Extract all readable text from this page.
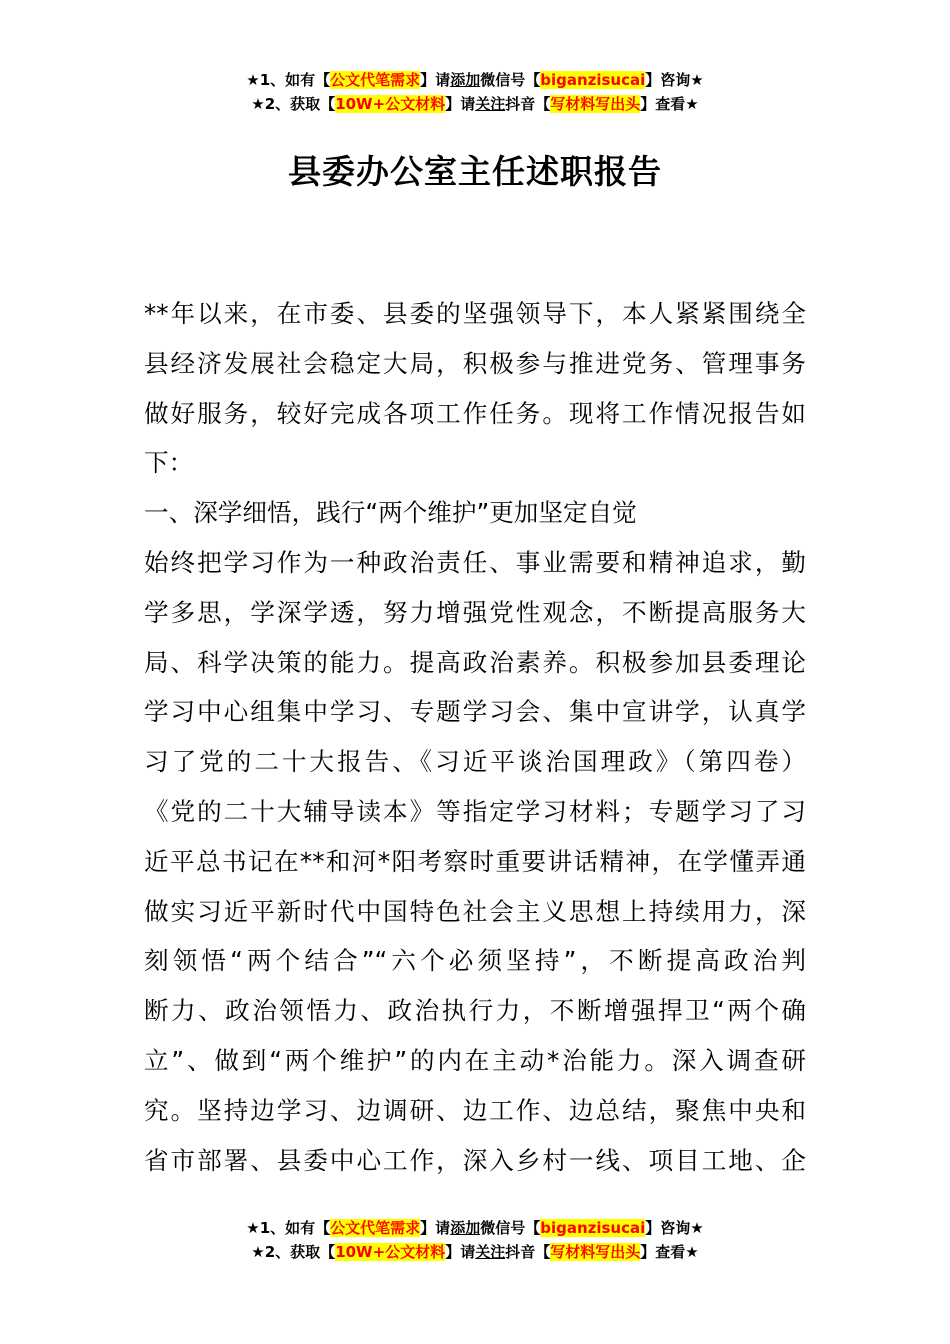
★1、如有【公文代笔需求】请添加微信号【biganzisucai】咨询★
★2、获取【10W+公文材料】请关注抖音【写材料写出头】查看★
县委办公室主任述职报告
**年以来，在市委、县委的坚强领导下，本人紧紧围绕全
县经济发展社会稳定大局，积极参与推进党务、管理事务
做好服务，较好完成各项工作任务。现将工作情况报告如
下：
一、深学细悟，践行“两个维护”更加坚定自觉
始终把学习作为一种政治责任、事业需要和精神追求，勤
学多思，学深学透，努力增强党性观念，不断提高服务大
局、科学决策的能力。提高政治素养。积极参加县委理论
学习中心组集中学习、专题学习会、集中宣讲学，认真学
习了党的二十大报告、《习近平谈治国理政》（第四卷）
《党的二十大辅导读本》等指定学习材料；专题学习了习
近平总书记在**和河*阳考察时重要讲话精神，在学懂弄通
做实习近平新时代中国特色社会主义思想上持续用力，深
刻领悟“两个结合”“六个必须坚持”，不断提高政治判
断力、政治领悟力、政治执行力，不断增强捍卫“两个确
立”、做到“两个维护”的内在主动*治能力。深入调查研
究。坚持边学习、边调研、边工作、边总结，聚焦中央和
省市部署、县委中心工作，深入乡村一线、项目工地、企
★1、如有【公文代笔需求】请添加微信号【biganzisucai】咨询★
★2、获取【10W+公文材料】请关注抖音【写材料写出头】查看★
